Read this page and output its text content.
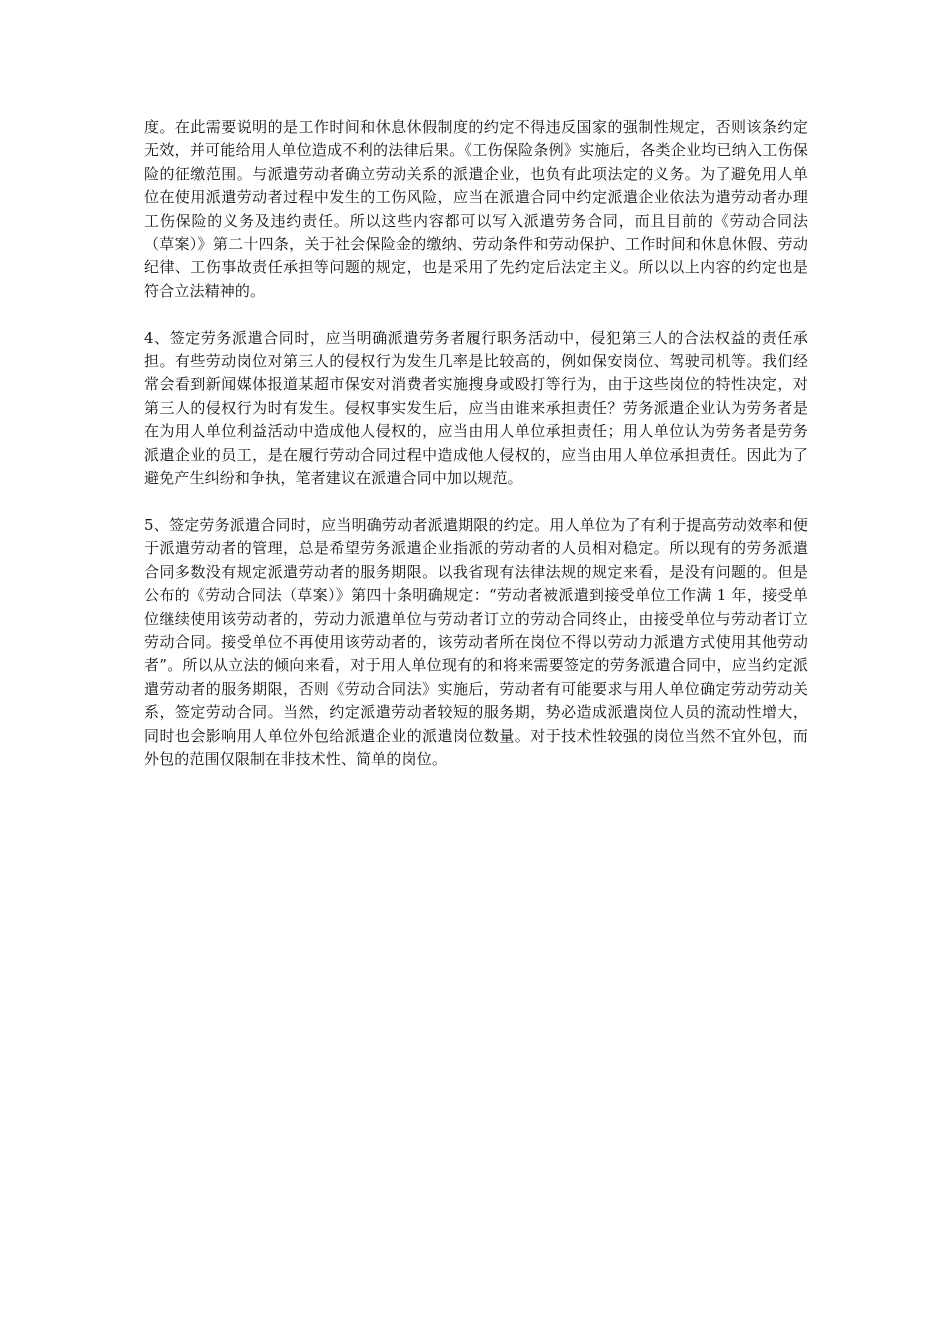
度。在此需要说明的是工作时间和休息休假制度的约定不得违反国家的强制性规定，否则该条约定无效，并可能给用人单位造成不利的法律后果。《工伤保险条例》实施后，各类企业均已纳入工伤保险的征缴范围。与派遣劳动者确立劳动关系的派遣企业，也负有此项法定的义务。为了避免用人单位在使用派遣劳动者过程中发生的工伤风险，应当在派遣合同中约定派遣企业依法为遣劳动者办理工伤保险的义务及违约责任。所以这些内容都可以写入派遣劳务合同，而且目前的《劳动合同法（草案）》第二十四条，关于社会保险金的缴纳、劳动条件和劳动保护、工作时间和休息休假、劳动纪律、工伤事故责任承担等问题的规定，也是采用了先约定后法定主义。所以以上内容的约定也是符合立法精神的。

4、签定劳务派遣合同时，应当明确派遣劳务者履行职务活动中，侵犯第三人的合法权益的责任承担。有些劳动岗位对第三人的侵权行为发生几率是比较高的，例如保安岗位、驾驶司机等。我们经常会看到新闻媒体报道某超市保安对消费者实施搜身或殴打等行为，由于这些岗位的特性决定，对第三人的侵权行为时有发生。侵权事实发生后，应当由谁来承担责任？劳务派遣企业认为劳务者是在为用人单位利益活动中造成他人侵权的，应当由用人单位承担责任；用人单位认为劳务者是劳务派遣企业的员工，是在履行劳动合同过程中造成他人侵权的，应当由用人单位承担责任。因此为了避免产生纠纷和争执，笔者建议在派遣合同中加以规范。

5、签定劳务派遣合同时，应当明确劳动者派遣期限的约定。用人单位为了有利于提高劳动效率和便于派遣劳动者的管理，总是希望劳务派遣企业指派的劳动者的人员相对稳定。所以现有的劳务派遣合同多数没有规定派遣劳动者的服务期限。以我省现有法律法规的规定来看，是没有问题的。但是公布的《劳动合同法（草案）》第四十条明确规定：“劳动者被派遣到接受单位工作满 1 年，接受单位继续使用该劳动者的，劳动力派遣单位与劳动者订立的劳动合同终止，由接受单位与劳动者订立劳动合同。接受单位不再使用该劳动者的，该劳动者所在岗位不得以劳动力派遣方式使用其他劳动者”。所以从立法的倾向来看，对于用人单位现有的和将来需要签定的劳务派遣合同中，应当约定派遣劳动者的服务期限，否则《劳动合同法》实施后，劳动者有可能要求与用人单位确定劳动劳动关系，签定劳动合同。当然，约定派遣劳动者较短的服务期，势必造成派遣岗位人员的流动性增大，同时也会影响用人单位外包给派遣企业的派遣岗位数量。对于技术性较强的岗位当然不宜外包，而外包的范围仅限制在非技术性、简单的岗位。
